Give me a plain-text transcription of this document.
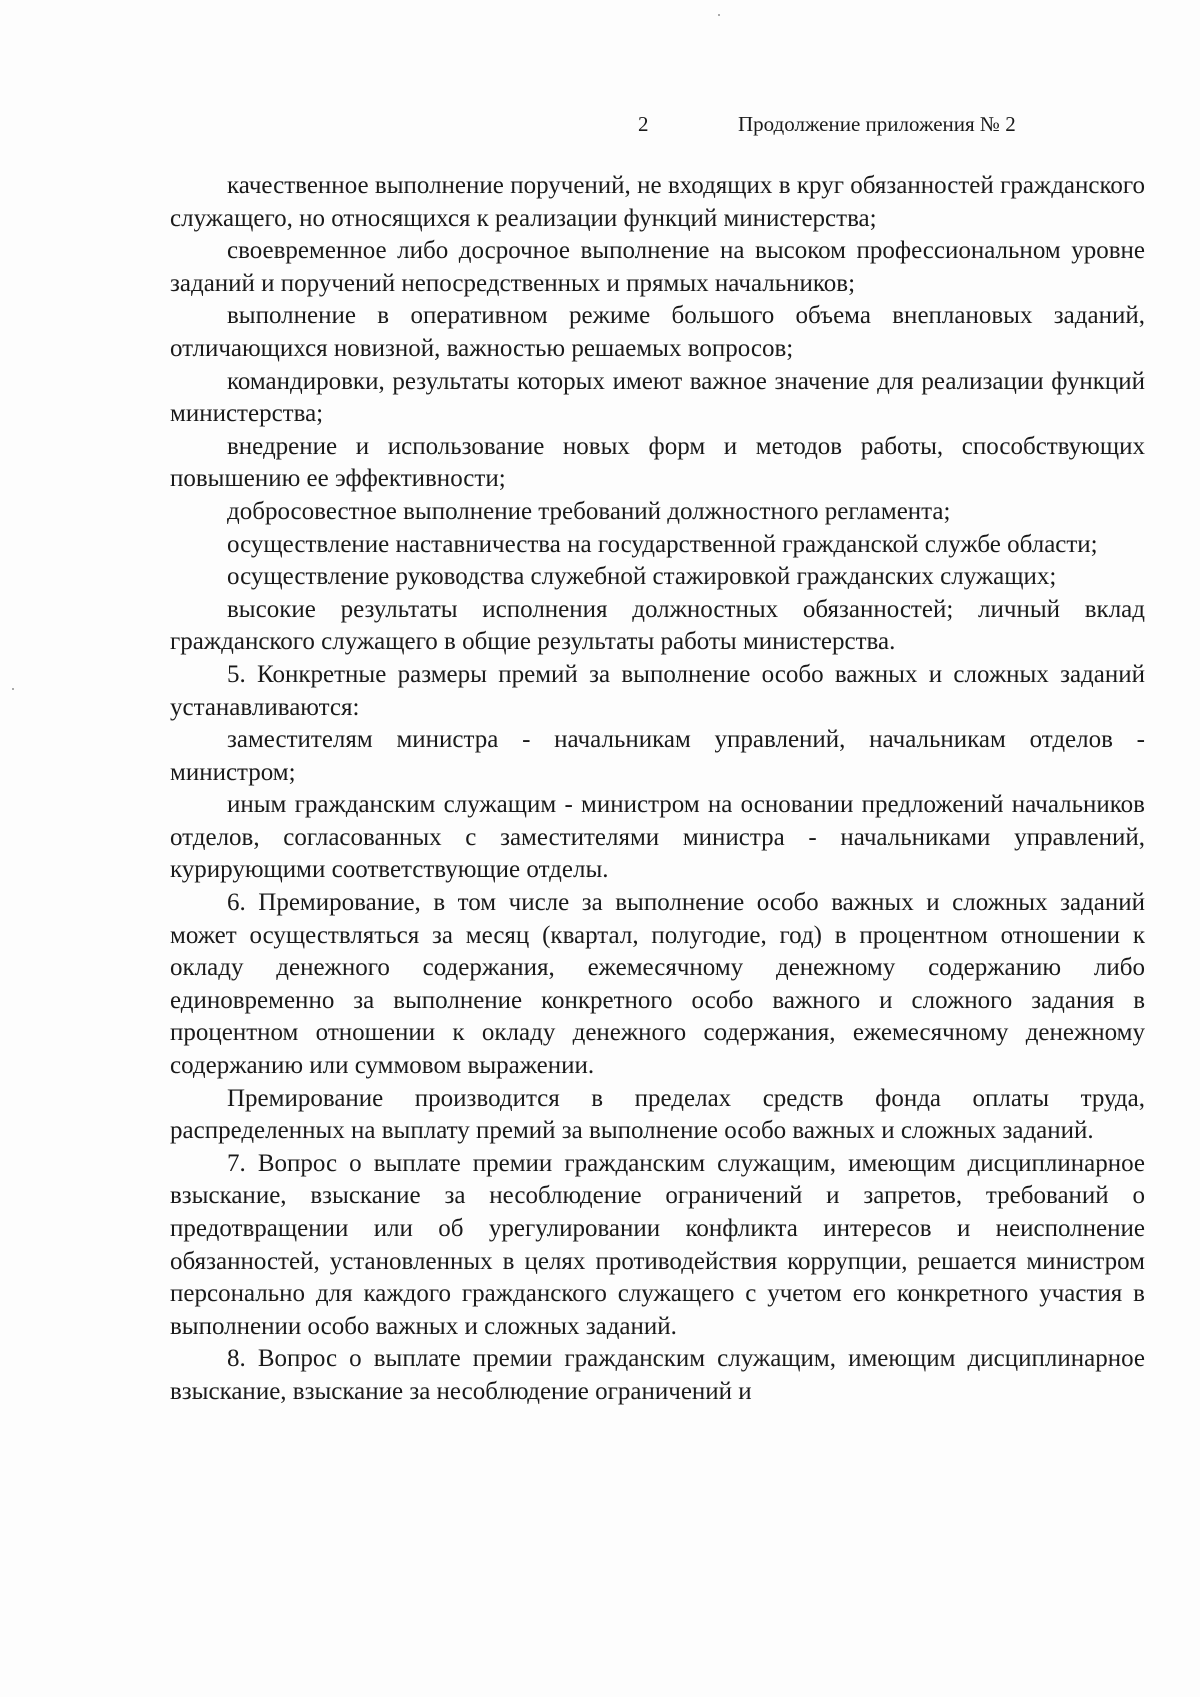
2	Продолжение приложения № 2

качественное выполнение поручений, не входящих в круг обязанностей гражданского служащего, но относящихся к реализации функций министерства;

своевременное либо досрочное выполнение на высоком профессиональном уровне заданий и поручений непосредственных и прямых начальников;

выполнение в оперативном режиме большого объема внеплановых заданий, отличающихся новизной, важностью решаемых вопросов;

командировки, результаты которых имеют важное значение для реализации функций министерства;

внедрение и использование новых форм и методов работы, способствующих повышению ее эффективности;

добросовестное выполнение требований должностного регламента;

осуществление наставничества на государственной гражданской службе области;

осуществление руководства служебной стажировкой гражданских служащих;

высокие результаты исполнения должностных обязанностей; личный вклад гражданского служащего в общие результаты работы министерства.

5. Конкретные размеры премий за выполнение особо важных и сложных заданий устанавливаются:

заместителям министра - начальникам управлений, начальникам отделов - министром;

иным гражданским служащим - министром на основании предложений начальников отделов, согласованных с заместителями министра - начальниками управлений, курирующими соответствующие отделы.

6. Премирование, в том числе за выполнение особо важных и сложных заданий может осуществляться за месяц (квартал, полугодие, год) в процентном отношении к окладу денежного содержания, ежемесячному денежному содержанию либо единовременно за выполнение конкретного особо важного и сложного задания в процентном отношении к окладу денежного содержания, ежемесячному денежному содержанию или суммовом выражении.

Премирование производится в пределах средств фонда оплаты труда, распределенных на выплату премий за выполнение особо важных и сложных заданий.

7. Вопрос о выплате премии гражданским служащим, имеющим дисциплинарное взыскание, взыскание за несоблюдение ограничений и запретов, требований о предотвращении или об урегулировании конфликта интересов и неисполнение обязанностей, установленных в целях противодействия коррупции, решается министром персонально для каждого гражданского служащего с учетом его конкретного участия в выполнении особо важных и сложных заданий.

8. Вопрос о выплате премии гражданским служащим, имеющим дисциплинарное взыскание, взыскание за несоблюдение ограничений и
